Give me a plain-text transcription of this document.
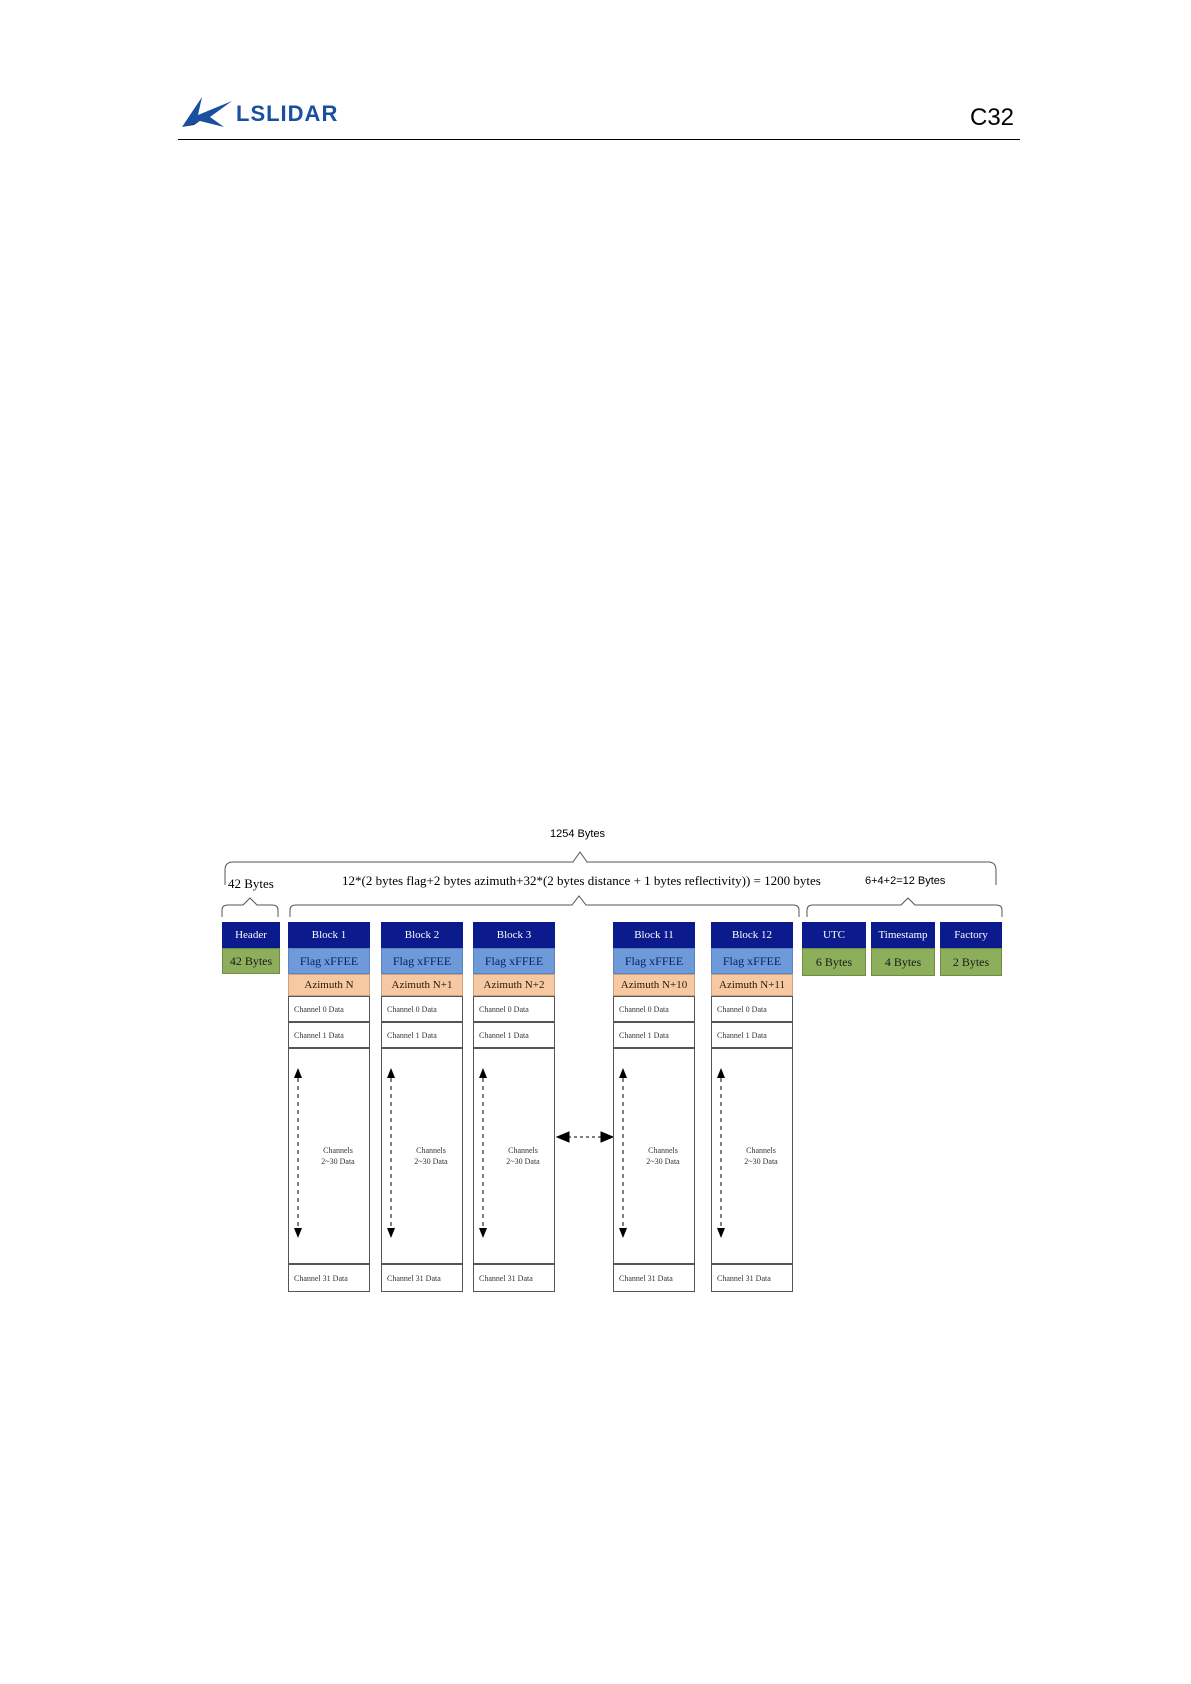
LSLIDAR	C32
1254 Bytes
42 Bytes	12*(2 bytes flag+2 bytes azimuth+32*(2 bytes distance + 1 bytes reflectivity)) = 1200 bytes	6+4+2=12 Bytes
Header
42 Bytes
Block 1
Flag xFFEE
Azimuth N
Channel 0 Data
Channel 1 Data
Channels
2~30 Data
Channel 31 Data
Block 2
Flag xFFEE
Azimuth N+1
Channel 0 Data
Channel 1 Data
Channels
2~30 Data
Channel 31 Data
Block 3
Flag xFFEE
Azimuth N+2
Channel 0 Data
Channel 1 Data
Channels
2~30 Data
Channel 31 Data
Block 11
Flag xFFEE
Azimuth N+10
Channel 0 Data
Channel 1 Data
Channels
2~30 Data
Channel 31 Data
Block 12
Flag xFFEE
Azimuth N+11
Channel 0 Data
Channel 1 Data
Channels
2~30 Data
Channel 31 Data
UTC
6 Bytes
Timestamp
4 Bytes
Factory
2 Bytes
